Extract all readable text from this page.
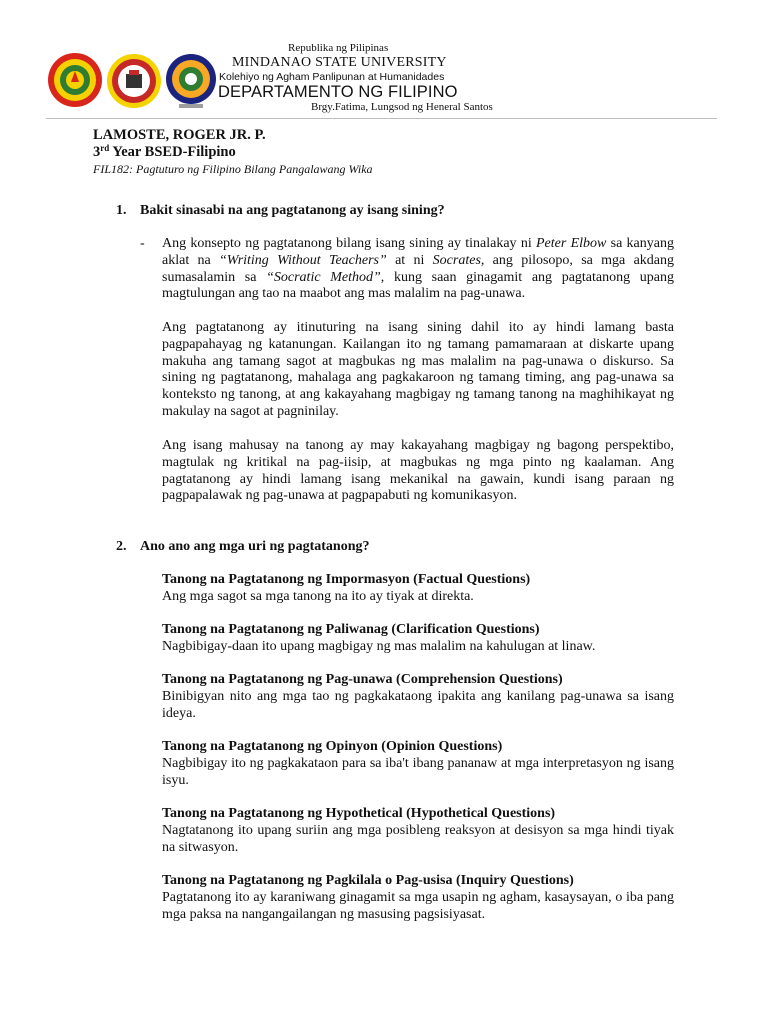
Republika ng Pilipinas
MINDANAO STATE UNIVERSITY
Kolehiyo ng Agham Panlipunan at Humanidades
DEPARTAMENTO NG FILIPINO
Brgy.Fatima, Lungsod ng Heneral Santos
LAMOSTE, ROGER JR. P.
3rd Year BSED-Filipino
FIL182: Pagtuturo ng Filipino Bilang Pangalawang Wika
1. Bakit sinasabi na ang pagtatanong ay isang sining?
- Ang konsepto ng pagtatanong bilang isang sining ay tinalakay ni Peter Elbow sa kanyang aklat na “Writing Without Teachers” at ni Socrates, ang pilosopo, sa mga akdang sumasalamin sa “Socratic Method”, kung saan ginagamit ang pagtatanong upang magtulungan ang tao na maabot ang mas malalim na pag-unawa.
Ang pagtatanong ay itinuturing na isang sining dahil ito ay hindi lamang basta pagpapahayag ng katanungan. Kailangan ito ng tamang pamamaraan at diskarte upang makuha ang tamang sagot at magbukas ng mas malalim na pag-unawa o diskurso. Sa sining ng pagtatanong, mahalaga ang pagkakaroon ng tamang timing, ang pag-unawa sa konteksto ng tanong, at ang kakayahang magbigay ng tamang tanong na maghihikayat ng makulay na sagot at pagninilay.
Ang isang mahusay na tanong ay may kakayahang magbigay ng bagong perspektibo, magtulak ng kritikal na pag-iisip, at magbukas ng mga pinto ng kaalaman. Ang pagtatanong ay hindi lamang isang mekanikal na gawain, kundi isang paraan ng pagpapalawak ng pag-unawa at pagpapabuti ng komunikasyon.
2. Ano ano ang mga uri ng pagtatanong?
Tanong na Pagtatanong ng Impormasyon (Factual Questions)
Ang mga sagot sa mga tanong na ito ay tiyak at direkta.
Tanong na Pagtatanong ng Paliwanag (Clarification Questions)
Nagbibigay-daan ito upang magbigay ng mas malalim na kahulugan at linaw.
Tanong na Pagtatanong ng Pag-unawa (Comprehension Questions)
Binibigyan nito ang mga tao ng pagkakataong ipakita ang kanilang pag-unawa sa isang ideya.
Tanong na Pagtatanong ng Opinyon (Opinion Questions)
Nagbibigay ito ng pagkakataon para sa iba't ibang pananaw at mga interpretasyon ng isang isyu.
Tanong na Pagtatanong ng Hypothetical (Hypothetical Questions)
Nagtatanong ito upang suriin ang mga posibleng reaksyon at desisyon sa mga hindi tiyak na sitwasyon.
Tanong na Pagtatanong ng Pagkilala o Pag-usisa (Inquiry Questions)
Pagtatanong ito ay karaniwang ginagamit sa mga usapin ng agham, kasaysayan, o iba pang mga paksa na nangangailangan ng masusing pagsisiyasat.
